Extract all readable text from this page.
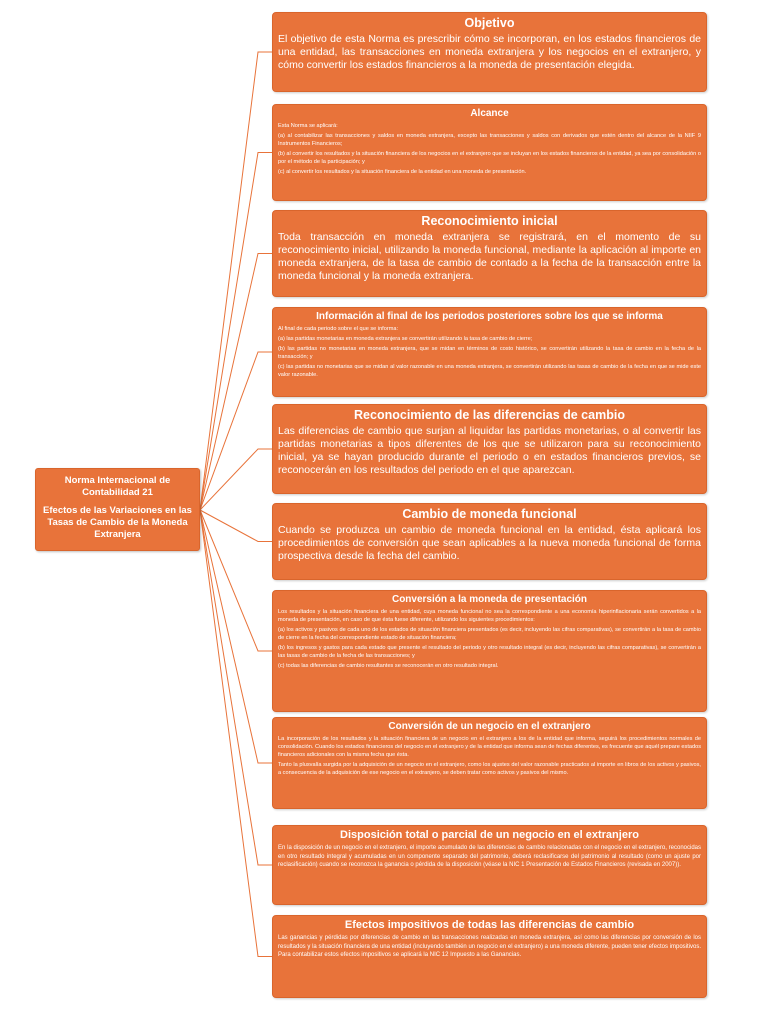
Norma Internacional de Contabilidad 21
Efectos de las Variaciones en las Tasas de Cambio de la Moneda Extranjera
Objetivo

El objetivo de esta Norma es prescribir cómo se incorporan, en los estados financieros de una entidad, las transacciones en moneda extranjera y los negocios en el extranjero, y cómo convertir los estados financieros a la moneda de presentación elegida.

Alcance

Esta Norma se aplicará:

(a) al contabilizar las transacciones y saldos en moneda extranjera, excepto las transacciones y saldos con derivados que estén dentro del alcance de la NIIF 9 Instrumentos Financieros;

(b) al convertir los resultados y la situación financiera de los negocios en el extranjero que se incluyan en los estados financieros de la entidad, ya sea por consolidación o por el método de la participación; y

(c) al convertir los resultados y la situación financiera de la entidad en una moneda de presentación.

Reconocimiento inicial

Toda transacción en moneda extranjera se registrará, en el momento de su reconocimiento inicial, utilizando la moneda funcional, mediante la aplicación al importe en moneda extranjera, de la tasa de cambio de contado a la fecha de la transacción entre la moneda funcional y la moneda extranjera.

Información al final de los periodos posteriores sobre los que se informa

Al final de cada periodo sobre el que se informa:

(a) las partidas monetarias en moneda extranjera se convertirán utilizando la tasa de cambio de cierre;

(b) las partidas no monetarias en moneda extranjera, que se midan en términos de costo histórico, se convertirán utilizando la tasa de cambio en la fecha de la transacción; y

(c) las partidas no monetarias que se midan al valor razonable en una moneda extranjera, se convertirán utilizando las tasas de cambio de la fecha en que se mide este valor razonable.

Reconocimiento de las diferencias de cambio

Las diferencias de cambio que surjan al liquidar las partidas monetarias, o al convertir las partidas monetarias a tipos diferentes de los que se utilizaron para su reconocimiento inicial, ya se hayan producido durante el periodo o en estados financieros previos, se reconocerán en los resultados del periodo en el que aparezcan.

Cambio de moneda funcional

Cuando se produzca un cambio de moneda funcional en la entidad, ésta aplicará los procedimientos de conversión que sean aplicables a la nueva moneda funcional de forma prospectiva desde la fecha del cambio.

Conversión a la moneda de presentación

Los resultados y la situación financiera de una entidad, cuya moneda funcional no sea la correspondiente a una economía hiperinflacionaria serán convertidos a la moneda de presentación, en caso de que ésta fuese diferente, utilizando los siguientes procedimientos:

(a) los activos y pasivos de cada uno de los estados de situación financiera presentados (es decir, incluyendo las cifras comparativas), se convertirán a la tasa de cambio de cierre en la fecha del correspondiente estado de situación financiera;

(b) los ingresos y gastos para cada estado que presente el resultado del periodo y otro resultado integral (es decir, incluyendo las cifras comparativas), se convertirán a las tasas de cambio de la fecha de las transacciones; y

(c) todas las diferencias de cambio resultantes se reconocerán en otro resultado integral.

Conversión de un negocio en el extranjero

La incorporación de los resultados y la situación financiera de un negocio en el extranjero a los de la entidad que informa, seguirá los procedimientos normales de consolidación. Cuando los estados financieros del negocio en el extranjero y de la entidad que informa sean de fechas diferentes, es frecuente que aquél prepare estados financieros adicionales con la misma fecha que ésta.

Tanto la plusvalía surgida por la adquisición de un negocio en el extranjero, como los ajustes del valor razonable practicados al importe en libros de los activos y pasivos, a consecuencia de la adquisición de ese negocio en el extranjero, se deben tratar como activos y pasivos del mismo.

Disposición total o parcial de un negocio en el extranjero

En la disposición de un negocio en el extranjero, el importe acumulado de las diferencias de cambio relacionadas con el negocio en el extranjero, reconocidas en otro resultado integral y acumuladas en un componente separado del patrimonio, deberá reclasificarse del patrimonio al resultado (como un ajuste por reclasificación) cuando se reconozca la ganancia o pérdida de la disposición (véase la NIC 1 Presentación de Estados Financieros (revisada en 2007)).

Efectos impositivos de todas las diferencias de cambio

Las ganancias y pérdidas por diferencias de cambio en las transacciones realizadas en moneda extranjera, así como las diferencias por conversión de los resultados y la situación financiera de una entidad (incluyendo también un negocio en el extranjero) a una moneda diferente, pueden tener efectos impositivos. Para contabilizar estos efectos impositivos se aplicará la NIC 12 Impuesto a las Ganancias.
